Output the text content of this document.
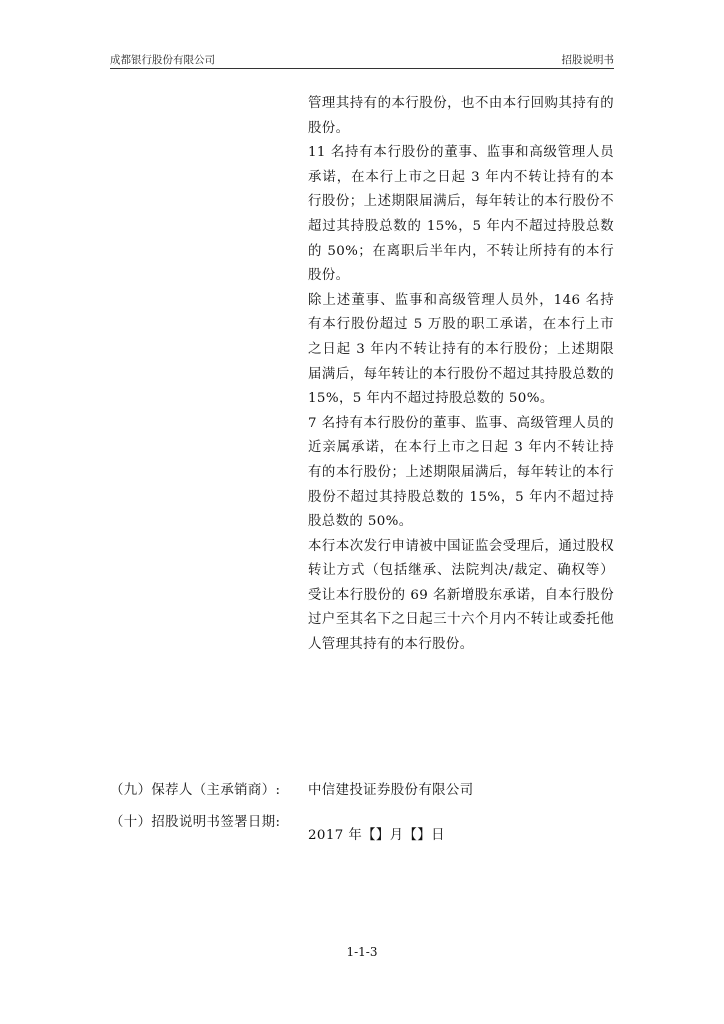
成都银行股份有限公司	招股说明书

管理其持有的本行股份，也不由本行回购其持有的股份。

11 名持有本行股份的董事、监事和高级管理人员承诺，在本行上市之日起 3 年内不转让持有的本行股份；上述期限届满后，每年转让的本行股份不超过其持股总数的 15%，5 年内不超过持股总数的 50%；在离职后半年内，不转让所持有的本行股份。

除上述董事、监事和高级管理人员外，146 名持有本行股份超过 5 万股的职工承诺，在本行上市之日起 3 年内不转让持有的本行股份；上述期限届满后，每年转让的本行股份不超过其持股总数的 15%，5 年内不超过持股总数的 50%。

7 名持有本行股份的董事、监事、高级管理人员的近亲属承诺，在本行上市之日起 3 年内不转让持有的本行股份；上述期限届满后，每年转让的本行股份不超过其持股总数的 15%，5 年内不超过持股总数的 50%。

本行本次发行申请被中国证监会受理后，通过股权转让方式（包括继承、法院判决/裁定、确权等）受让本行股份的 69 名新增股东承诺，自本行股份过户至其名下之日起三十六个月内不转让或委托他人管理其持有的本行股份。

（九）保荐人（主承销商）: 中信建投证券股份有限公司
（十）招股说明书签署日期:
2017 年【】月【】日
1-1-3
